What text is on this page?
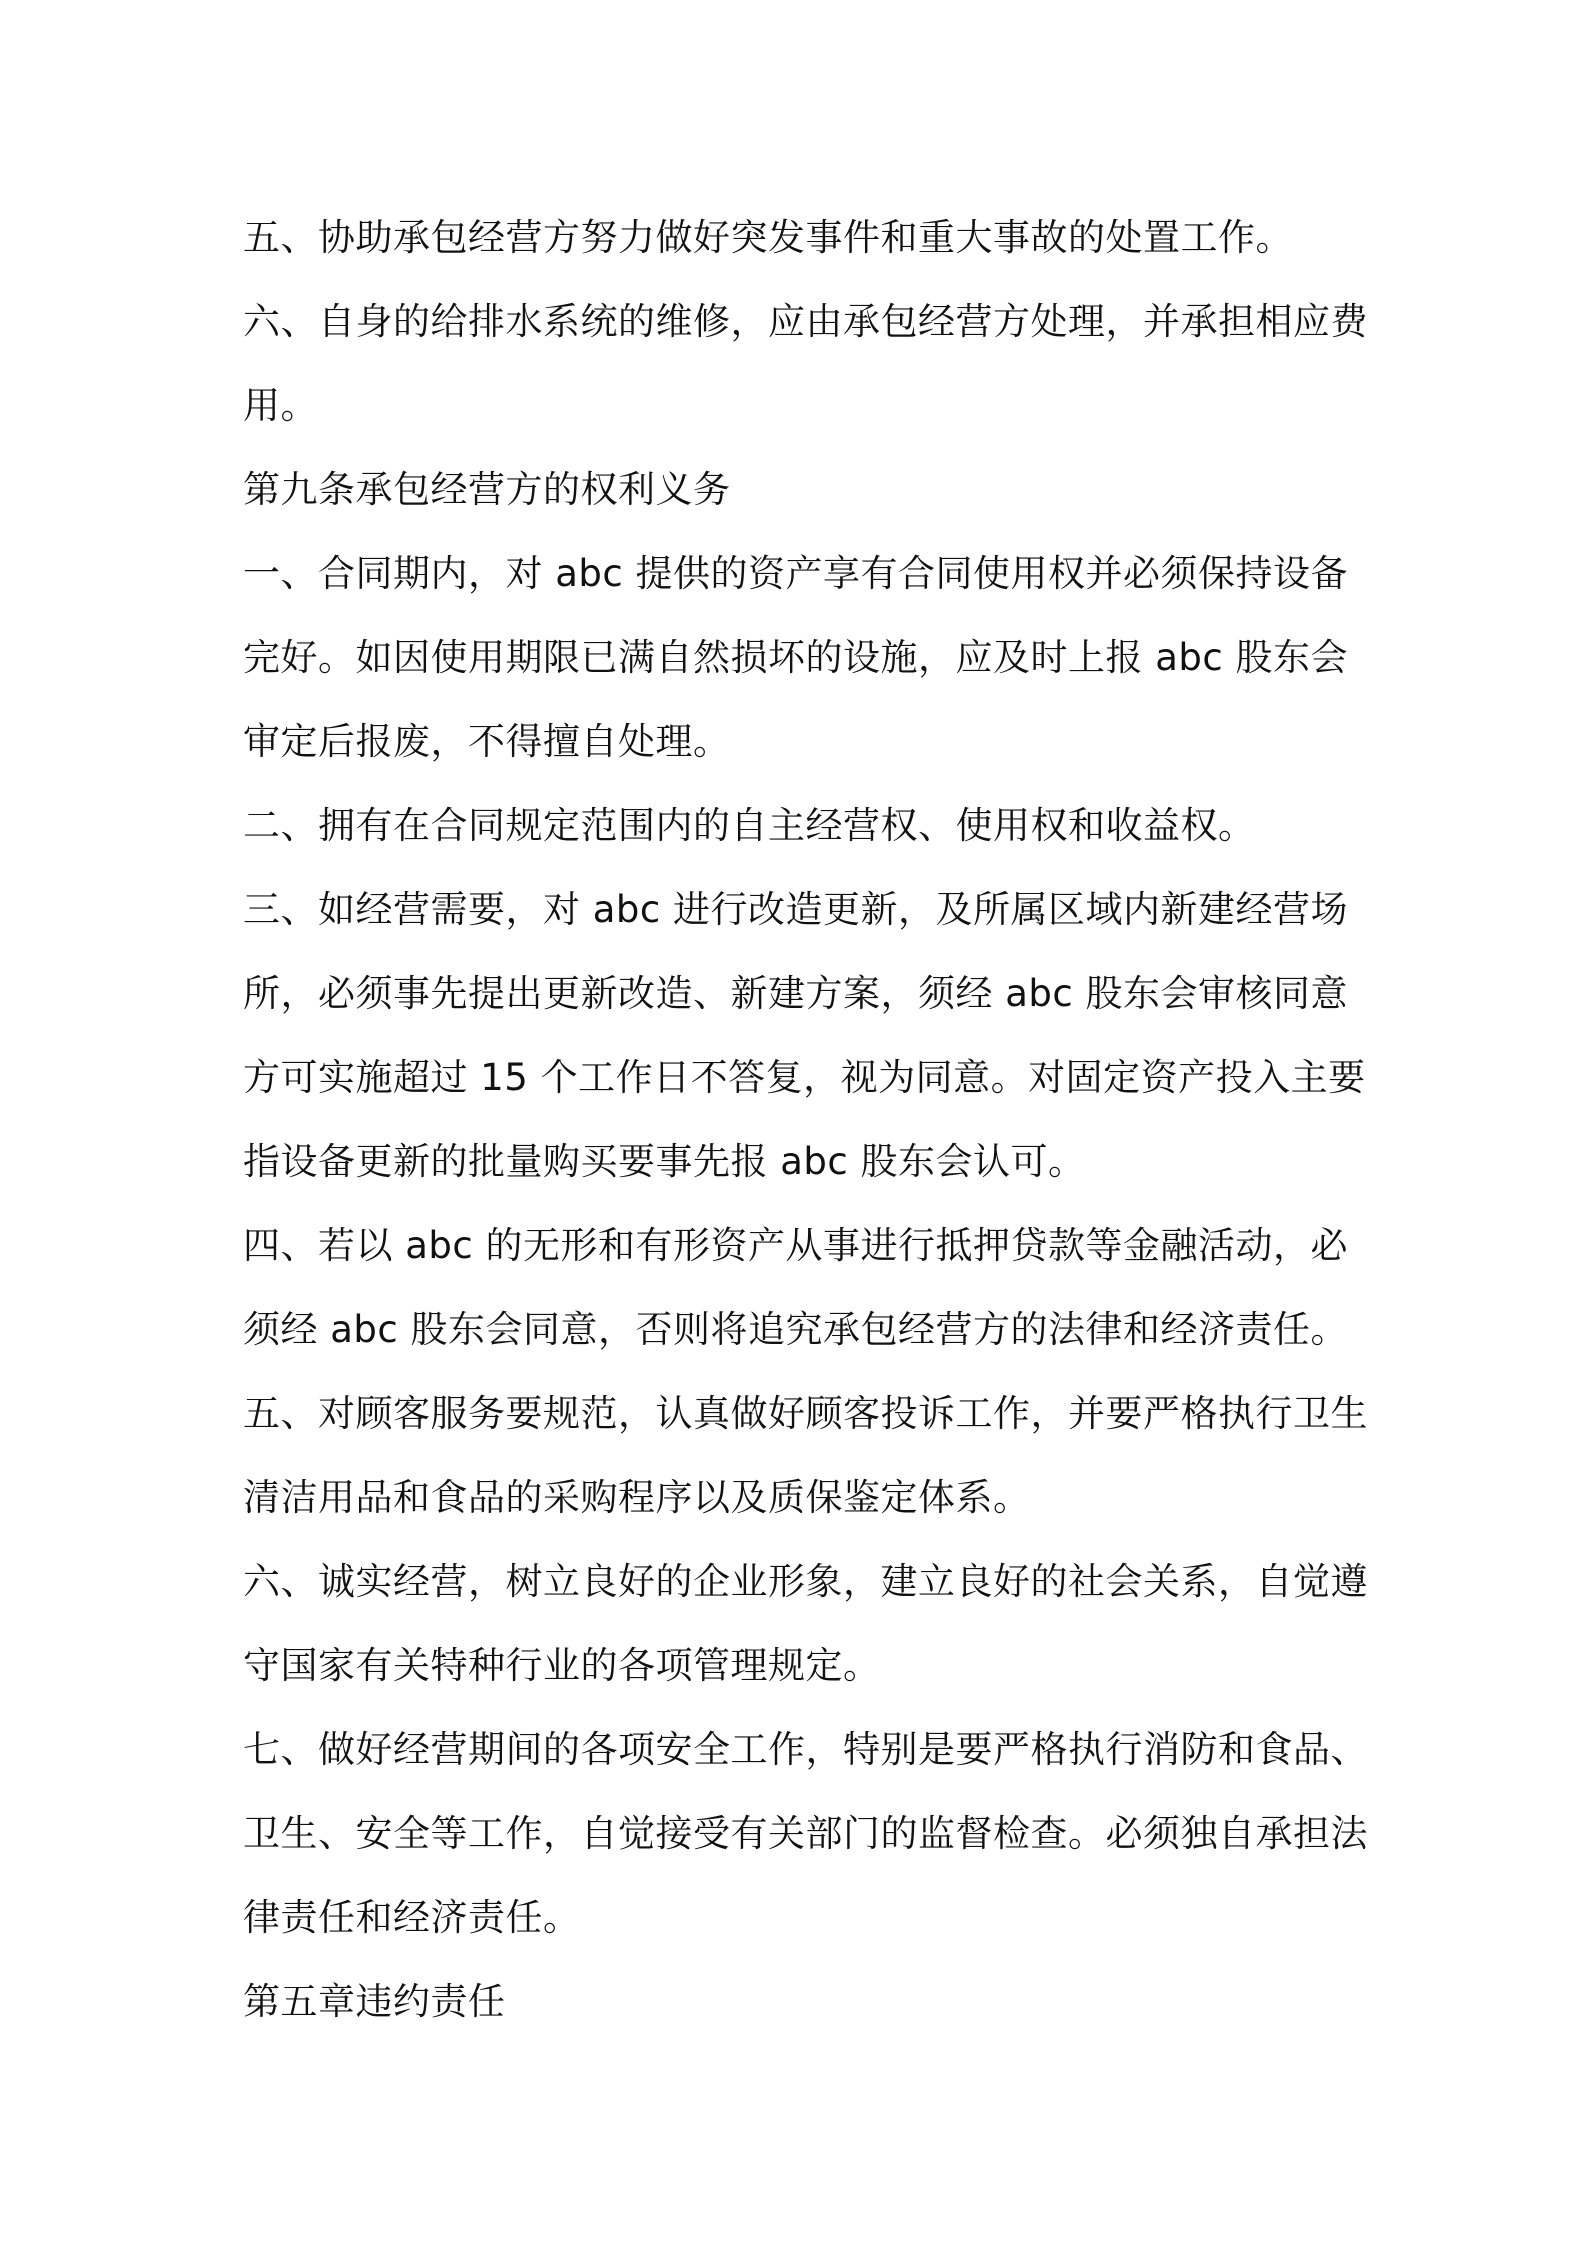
五、协助承包经营方努力做好突发事件和重大事故的处置工作。

六、自身的给排水系统的维修，应由承包经营方处理，并承担相应费

用。

第九条承包经营方的权利义务

一、合同期内，对 abc 提供的资产享有合同使用权并必须保持设备

完好。如因使用期限已满自然损坏的设施，应及时上报 abc 股东会

审定后报废，不得擅自处理。

二、拥有在合同规定范围内的自主经营权、使用权和收益权。

三、如经营需要，对 abc 进行改造更新，及所属区域内新建经营场

所，必须事先提出更新改造、新建方案，须经 abc 股东会审核同意

方可实施超过 15 个工作日不答复，视为同意。对固定资产投入主要

指设备更新的批量购买要事先报 abc 股东会认可。

四、若以 abc 的无形和有形资产从事进行抵押贷款等金融活动，必

须经 abc 股东会同意，否则将追究承包经营方的法律和经济责任。

五、对顾客服务要规范，认真做好顾客投诉工作，并要严格执行卫生

清洁用品和食品的采购程序以及质保鉴定体系。

六、诚实经营，树立良好的企业形象，建立良好的社会关系，自觉遵

守国家有关特种行业的各项管理规定。

七、做好经营期间的各项安全工作，特别是要严格执行消防和食品、

卫生、安全等工作，自觉接受有关部门的监督检查。必须独自承担法

律责任和经济责任。

第五章违约责任
